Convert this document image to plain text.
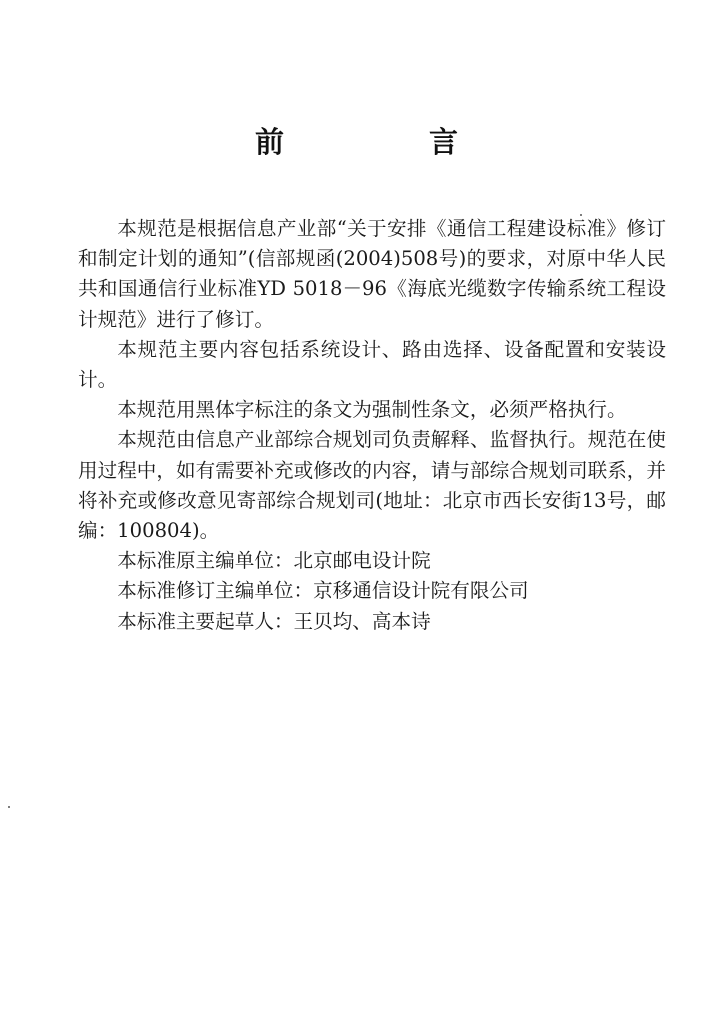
前　言

本规范是根据信息产业部“关于安排《通信工程建设标准》修订和制定计划的通知”(信部规函(2004)508号)的要求，对原中华人民共和国通信行业标准YD 5018－96《海底光缆数字传输系统工程设计规范》进行了修订。

本规范主要内容包括系统设计、路由选择、设备配置和安装设计。

本规范用黑体字标注的条文为强制性条文，必须严格执行。

本规范由信息产业部综合规划司负责解释、监督执行。规范在使用过程中，如有需要补充或修改的内容，请与部综合规划司联系，并将补充或修改意见寄部综合规划司(地址：北京市西长安街13号，邮编：100804)。

本标准原主编单位：北京邮电设计院

本标准修订主编单位：京移通信设计院有限公司

本标准主要起草人：王贝均、高本诗
